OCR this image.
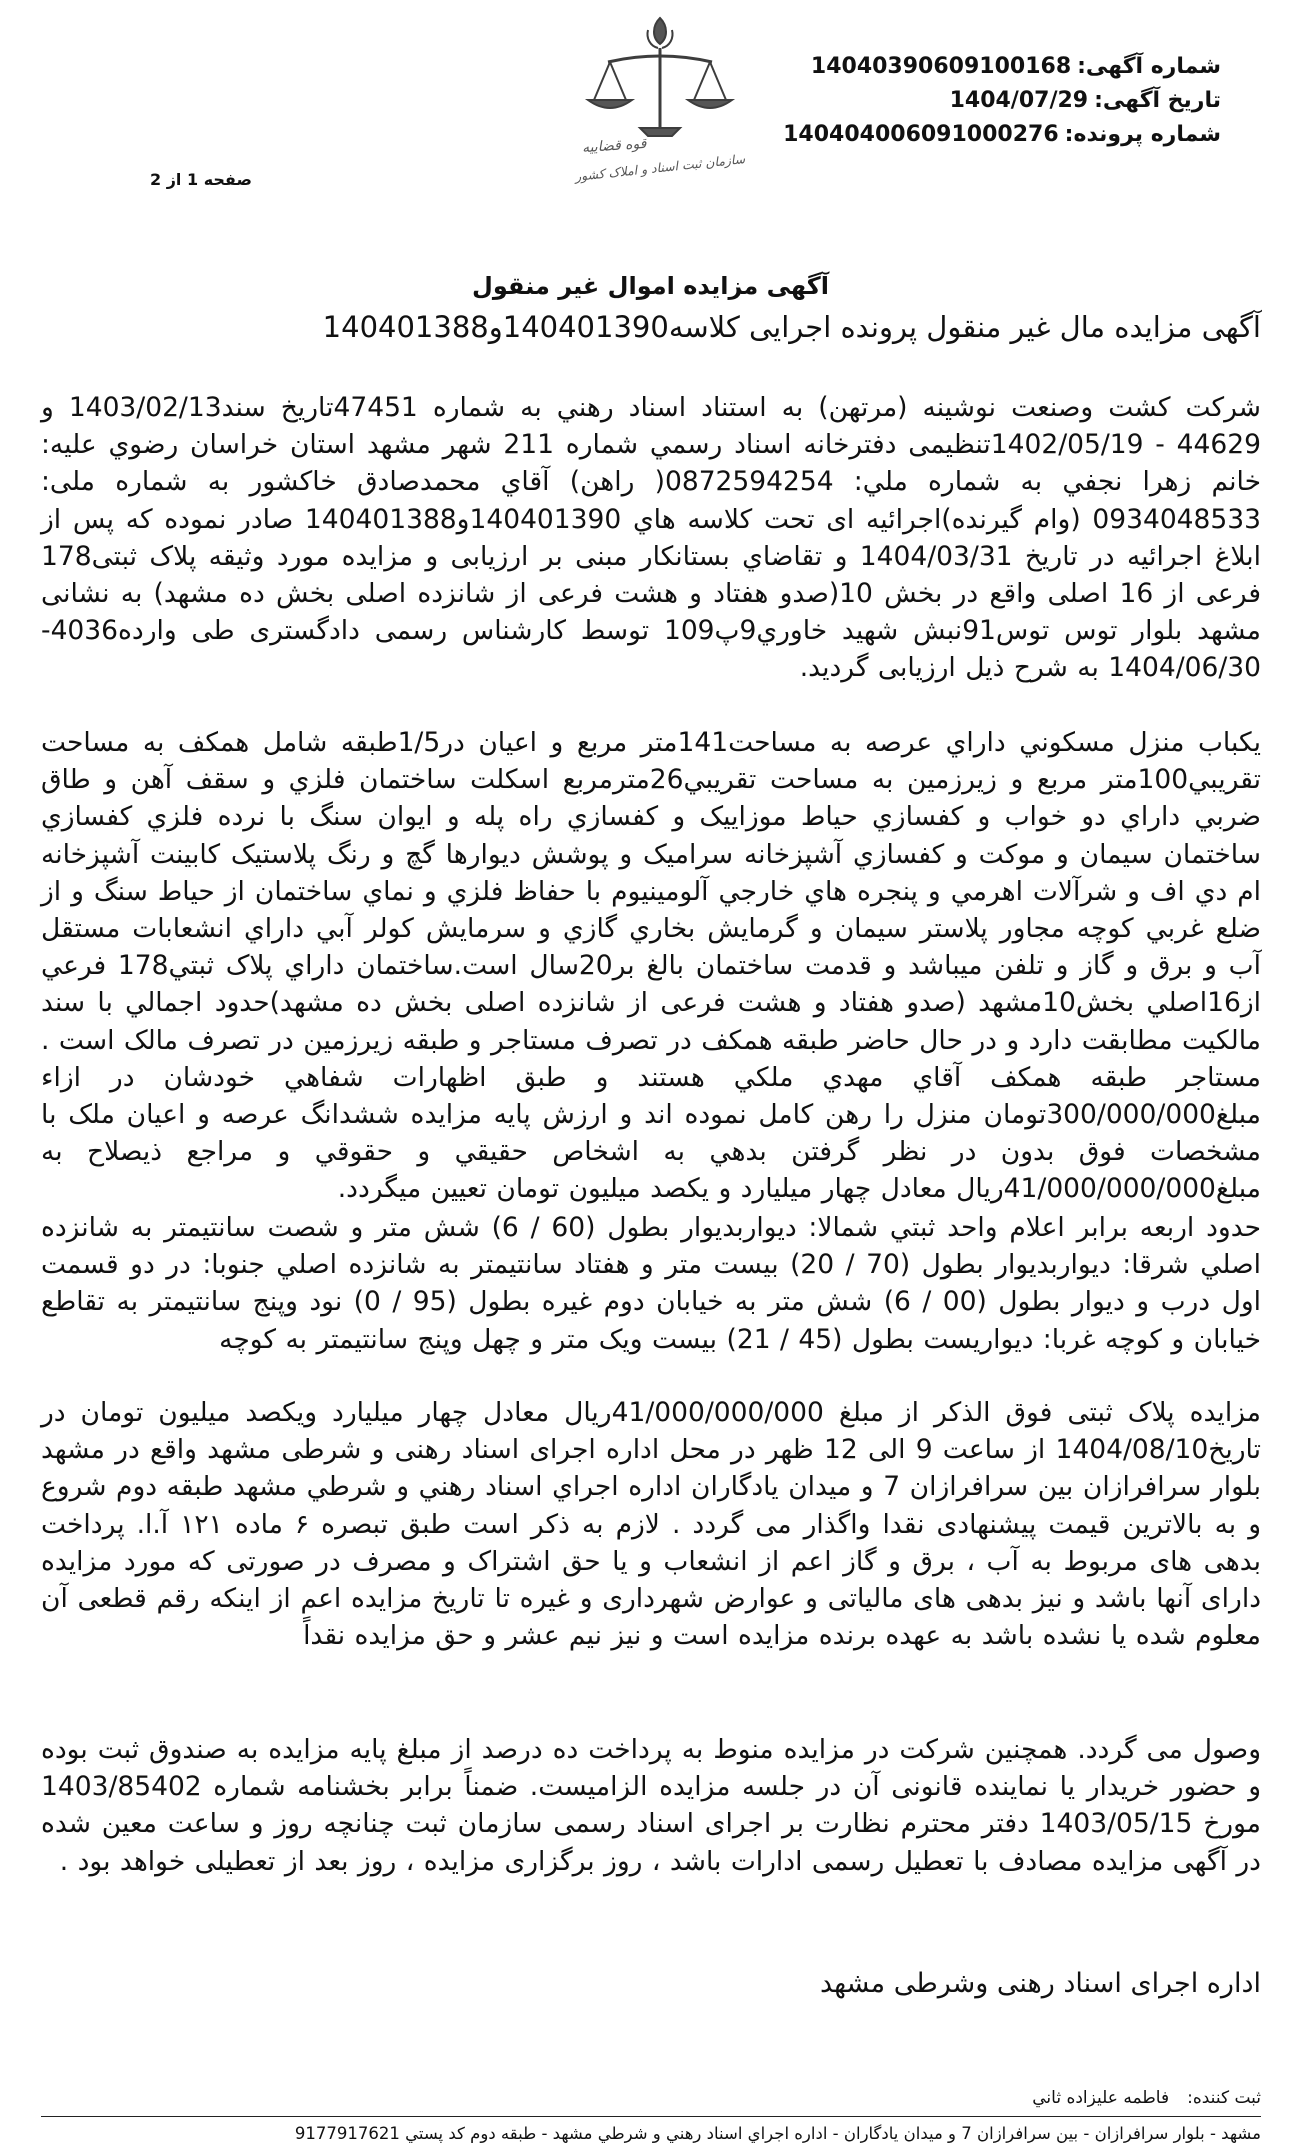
شماره آگهی:14040390609100168
تاریخ آگهی:1404/07/29
شماره پرونده:140404006091000276
صفحه 1 از 2
قوه قضاییه
سازمان ثبت اسناد و املاک کشور
آگهی مزایده اموال غیر منقول
آگهی مزایده مال غیر منقول پرونده اجرایی کلاسه140401390و140401388
شرکت کشت وصنعت نوشینه (مرتهن) به استناد اسناد رهني به شماره 47451تاريخ سند1403/02/13 و 44629 - 1402/05/19تنظيمی دفترخانه اسناد رسمي شماره 211 شهر مشهد استان خراسان رضوي عليه: خانم زهرا نجفي به شماره ملي: 0872594254( راهن) آقاي محمدصادق خاکشور به شماره ملی: 0934048533 (وام گيرنده)اجرائيه ای تحت کلاسه هاي 140401390و140401388 صادر نموده که پس از ابلاغ اجرائيه در تاريخ 1404/03/31 و تقاضاي بستانکار مبنی بر ارزيابی و مزايده مورد وثيقه پلاک ثبتی178 فرعی از 16 اصلی واقع در بخش 10(صدو هفتاد و هشت فرعی از شانزده اصلی بخش ده مشهد) به نشانی مشهد بلوار توس توس91نبش شهيد خاوري9پ109 توسط کارشناس رسمی دادگستری طی وارده4036-1404/06/30 به شرح ذيل ارزيابی گرديد.
يکباب منزل مسکوني داراي عرصه به مساحت141متر مربع و اعيان در1/5طبقه شامل همکف به مساحت تقريبي100متر مربع و زيرزمين به مساحت تقريبي26مترمربع اسکلت ساختمان فلزي و سقف آهن و طاق ضربي داراي دو خواب و کفسازي حياط موزاييک و کفسازي راه پله و ايوان سنگ با نرده فلزي کفسازي ساختمان سيمان و موکت و کفسازي آشپزخانه سراميک و پوشش ديوارها گچ و رنگ پلاستيک کابينت آشپزخانه ام دي اف و شرآلات اهرمي و پنجره هاي خارجي آلومينيوم با حفاظ فلزي و نماي ساختمان از حياط سنگ و از ضلع غربي کوچه مجاور پلاستر سيمان و گرمايش بخاري گازي و سرمايش کولر آبي داراي انشعابات مستقل آب و برق و گاز و تلفن ميباشد و قدمت ساختمان بالغ بر20سال است.ساختمان داراي پلاک ثبتي178 فرعي از16اصلي بخش10مشهد (صدو هفتاد و هشت فرعی از شانزده اصلی بخش ده مشهد)حدود اجمالي با سند مالکيت مطابقت دارد و در حال حاضر طبقه همکف در تصرف مستاجر و طبقه زيرزمين در تصرف مالک است . مستاجر طبقه همکف آقاي مهدي ملکي هستند و طبق اظهارات شفاهي خودشان در ازاء مبلغ300/000/000تومان منزل را رهن کامل نموده اند و ارزش پايه مزايده ششدانگ عرصه و اعيان ملک با مشخصات فوق بدون در نظر گرفتن بدهي به اشخاص حقيقي و حقوقي و مراجع ذيصلاح به مبلغ41/000/000/000ريال معادل چهار ميليارد و يکصد ميليون تومان تعيين ميگردد.
حدود اربعه برابر اعلام واحد ثبتي شمالا: ديواربديوار بطول (60 / 6) شش متر و شصت سانتيمتر به شانزده اصلي شرقا: ديواربديوار بطول (70 / 20) بيست متر و هفتاد سانتيمتر به شانزده اصلي جنوبا: در دو قسمت اول درب و ديوار بطول (00 / 6) شش متر به خيابان دوم غيره بطول (95 / 0) نود وپنج سانتيمتر به تقاطع خيابان و کوچه غربا: ديواريست بطول (45 / 21) بيست ويک متر و چهل وپنج سانتيمتر به کوچه
مزايده پلاک ثبتی فوق الذکر از مبلغ 41/000/000/000ريال معادل چهار ميليارد ويکصد ميليون تومان در تاريخ1404/08/10 از ساعت 9 الی 12 ظهر در محل اداره اجرای اسناد رهنی و شرطی مشهد واقع در مشهد بلوار سرافرازان بين سرافرازان 7 و ميدان يادگاران اداره اجراي اسناد رهني و شرطي مشهد طبقه دوم شروع و به بالاترين قيمت پيشنهادی نقدا واگذار می گردد . لازم به ذکر است طبق تبصره ۶ ماده ۱۲۱ آ.ا. پرداخت بدهی های مربوط به آب ، برق و گاز اعم از انشعاب و يا حق اشتراک و مصرف در صورتی که مورد مزايده دارای آنها باشد و نيز بدهی های مالياتی و عوارض شهرداری و غيره تا تاريخ مزايده اعم از اينکه رقم قطعی آن معلوم شده يا نشده باشد به عهده برنده مزايده است و نيز نيم عشر و حق مزايده نقداً
وصول می گردد. همچنين شرکت در مزايده منوط به پرداخت ده درصد از مبلغ پايه مزايده به صندوق ثبت بوده و حضور خريدار يا نماينده قانونی آن در جلسه مزايده الزاميست. ضمناً برابر بخشنامه شماره 1403/85402 مورخ 1403/05/15 دفتر محترم نظارت بر اجرای اسناد رسمی سازمان ثبت چنانچه روز و ساعت معين شده در آگهی مزايده مصادف با تعطيل رسمی ادارات باشد ، روز برگزاری مزايده ، روز بعد از تعطيلی خواهد بود .
اداره اجرای اسناد رهنی وشرطی مشهد
ثبت کننده:فاطمه عليزاده ثاني
مشهد - بلوار سرافرازان - بين سرافرازان 7 و ميدان يادگاران - اداره اجراي اسناد رهني و شرطي مشهد - طبقه دوم کد پستي 9177917621
